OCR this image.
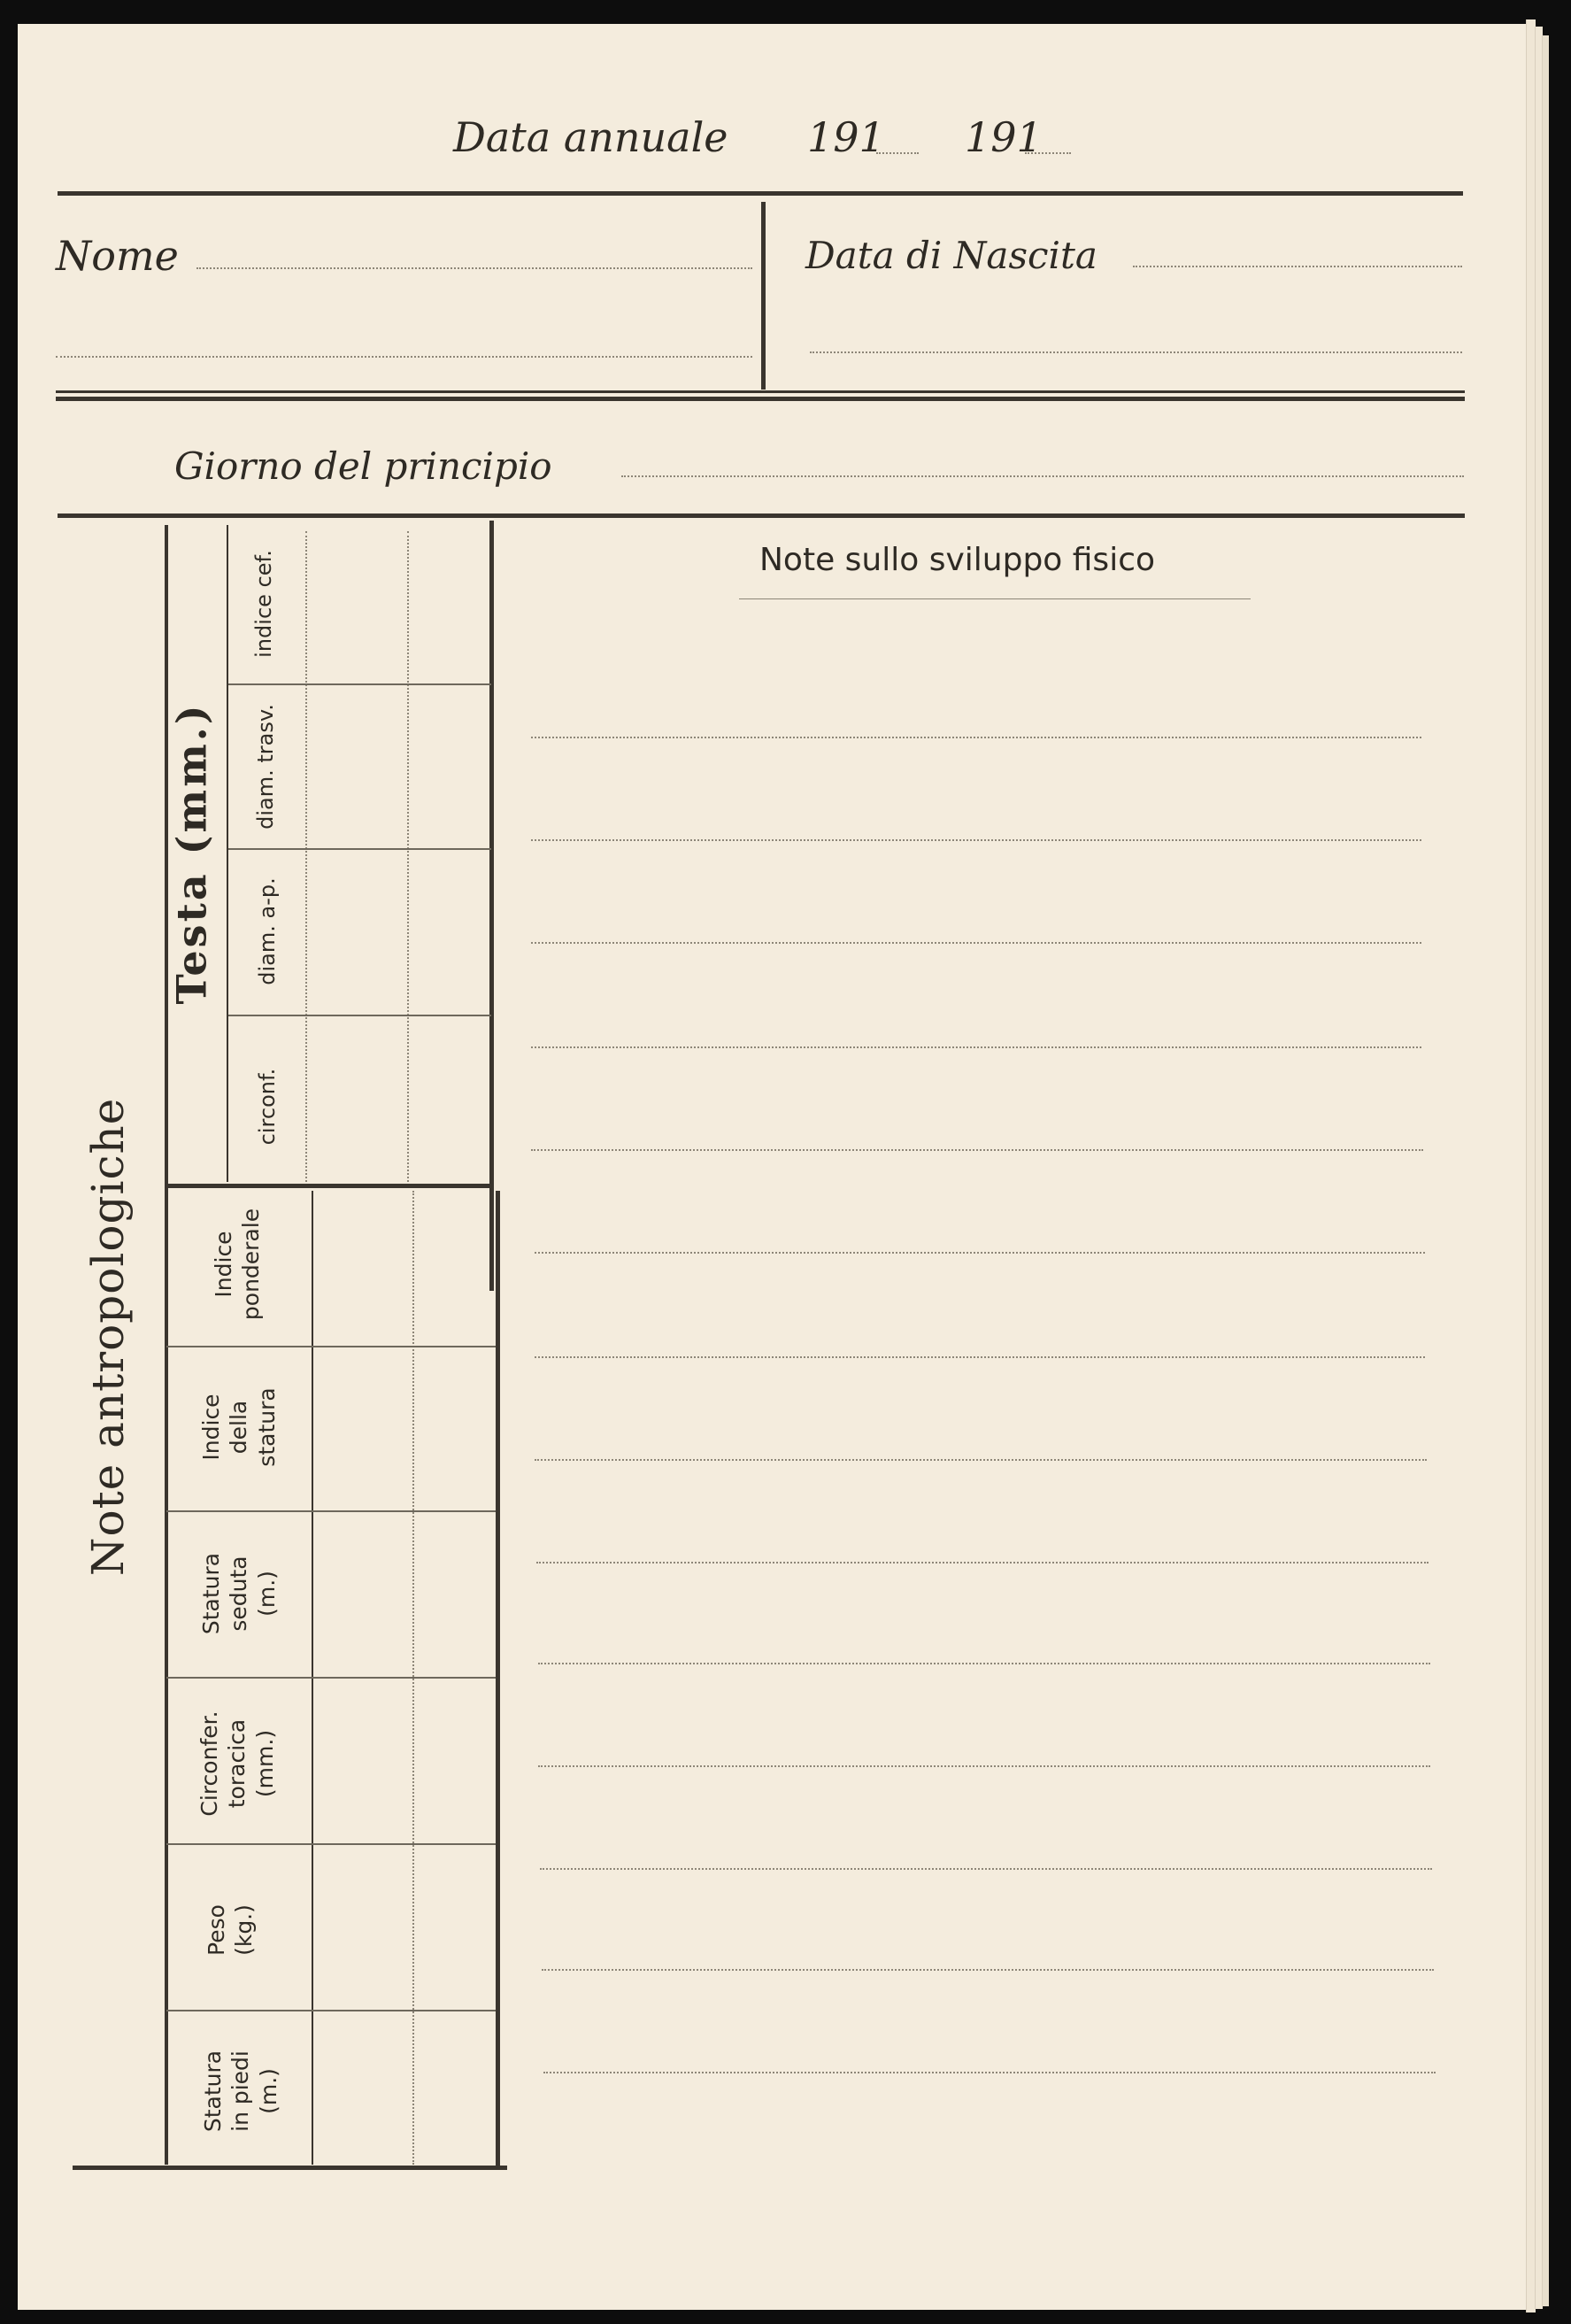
Data annuale 191 191
Nome	Data di Nascita
Giorno del principio
Note antropologiche
Testa (mm.)
indice cef.
diam. trasv.
diam. a-p.
circonf.
Indice ponderale
Indice della statura
Statura seduta (m.)
Circonfer. toracica (mm.)
Peso (kg.)
Statura in piedi (m.)
Note sullo sviluppo fisico
